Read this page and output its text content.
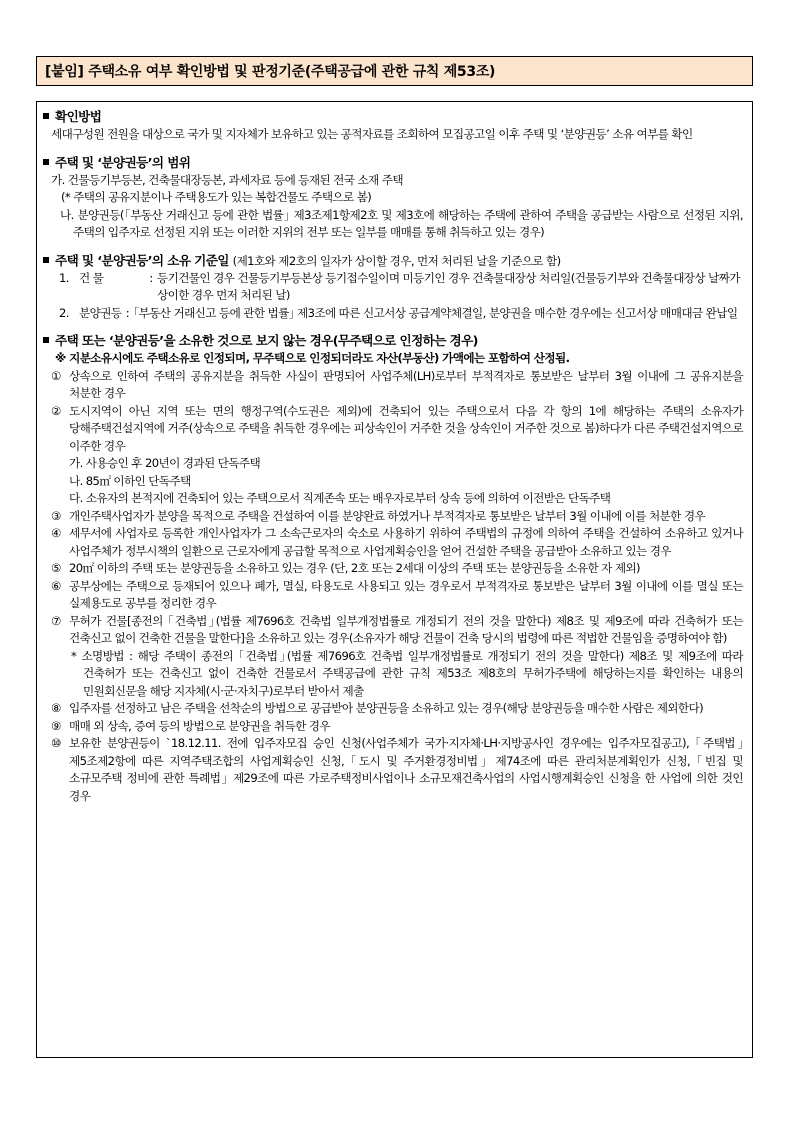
[붙임] 주택소유 여부 확인방법 및 판정기준(주택공급에 관한 규칙 제53조)
확인방법
세대구성원 전원을 대상으로 국가 및 지자체가 보유하고 있는 공적자료를 조회하여 모집공고일 이후 주택 및 ‘분양권등’ 소유 여부를 확인
주택 및 ‘분양권등’의 범위
가. 건물등기부등본, 건축물대장등본, 과세자료 등에 등재된 전국 소재 주택
(* 주택의 공유지분이나 주택용도가 있는 복합건물도 주택으로 봄)
나. 분양권등(｢부동산 거래신고 등에 관한 법률｣ 제3조제1항제2호 및 제3호에 해당하는 주택에 관하여 주택을 공급받는 사람으로 선정된 지위, 주택의 입주자로 선정된 지위 또는 이러한 지위의 전부 또는 일부를 매매를 통해 취득하고 있는 경우)
주택 및 ‘분양권등’의 소유 기준일 (제1호와 제2호의 일자가 상이할 경우, 먼저 처리된 날을 기준으로 함)
1. 건 물	: 등기건물인 경우 건물등기부등본상 등기접수일이며 미등기인 경우 건축물대장상 처리일(건물등기부와 건축물대장상 날짜가 상이한 경우 먼저 처리된 날)
2. 분양권등 : ｢부동산 거래신고 등에 관한 법률｣ 제3조에 따른 신고서상 공급계약체결일, 분양권을 매수한 경우에는 신고서상 매매대금 완납일
주택 또는 ‘분양권등’을 소유한 것으로 보지 않는 경우(무주택으로 인정하는 경우)
※ 지분소유시에도 주택소유로 인정되며, 무주택으로 인정되더라도 자산(부동산) 가액에는 포함하여 산정됨.
① 상속으로 인하여 주택의 공유지분을 취득한 사실이 판명되어 사업주체(LH)로부터 부적격자로 통보받은 날부터 3월 이내에 그 공유지분을 처분한 경우
② 도시지역이 아닌 지역 또는 면의 행정구역(수도권은 제외)에 건축되어 있는 주택으로서 다음 각 항의 1에 해당하는 주택의 소유자가 당해주택건설지역에 거주(상속으로 주택을 취득한 경우에는 피상속인이 거주한 것을 상속인이 거주한 것으로 봄)하다가 다른 주택건설지역으로 이주한 경우
가. 사용승인 후 20년이 경과된 단독주택
나. 85㎡ 이하인 단독주택
다. 소유자의 본적지에 건축되어 있는 주택으로서 직계존속 또는 배우자로부터 상속 등에 의하여 이전받은 단독주택
③ 개인주택사업자가 분양을 목적으로 주택을 건설하여 이를 분양완료 하였거나 부적격자로 통보받은 날부터 3월 이내에 이를 처분한 경우
④ 세무서에 사업자로 등록한 개인사업자가 그 소속근로자의 숙소로 사용하기 위하여 주택법의 규정에 의하여 주택을 건설하여 소유하고 있거나 사업주체가 정부시책의 일환으로 근로자에게 공급할 목적으로 사업계획승인을 얻어 건설한 주택을 공급받아 소유하고 있는 경우
⑤ 20㎡ 이하의 주택 또는 분양권등을 소유하고 있는 경우 (단, 2호 또는 2세대 이상의 주택 또는 분양권등을 소유한 자 제외)
⑥ 공부상에는 주택으로 등재되어 있으나 폐가, 멸실, 타용도로 사용되고 있는 경우로서 부적격자로 통보받은 날부터 3월 이내에 이를 멸실 또는 실제용도로 공부를 정리한 경우
⑦ 무허가 건물[종전의 ｢건축법｣(법률 제7696호 건축법 일부개정법률로 개정되기 전의 것을 말한다) 제8조 및 제9조에 따라 건축허가 또는 건축신고 없이 건축한 건물을 말한다]을 소유하고 있는 경우(소유자가 해당 건물이 건축 당시의 법령에 따른 적법한 건물임을 증명하여야 함)
* 소명방법 : 해당 주택이 종전의 ｢건축법｣(법률 제7696호 건축법 일부개정법률로 개정되기 전의 것을 말한다) 제8조 및 제9조에 따라 건축허가 또는 건축신고 없이 건축한 건물로서 주택공급에 관한 규칙 제53조 제8호의 무허가주택에 해당하는지를 확인하는 내용의 민원회신문을 해당 지자체(시·군·자치구)로부터 받아서 제출
⑧ 입주자를 선정하고 남은 주택을 선착순의 방법으로 공급받아 분양권등을 소유하고 있는 경우(해당 분양권등을 매수한 사람은 제외한다)
⑨ 매매 외 상속, 증여 등의 방법으로 분양권을 취득한 경우
⑩ 보유한 분양권등이 `18.12.11. 전에 입주자모집 승인 신청(사업주체가 국가·지자체·LH·지방공사인 경우에는 입주자모집공고), ｢주택법｣ 제5조제2항에 따른 지역주택조합의 사업계획승인 신청, ｢도시 및 주거환경정비법｣ 제74조에 따른 관리처분계획인가 신청, ｢빈집 및 소규모주택 정비에 관한 특례법｣ 제29조에 따른 가로주택정비사업이나 소규모재건축사업의 사업시행계획승인 신청을 한 사업에 의한 것인 경우
